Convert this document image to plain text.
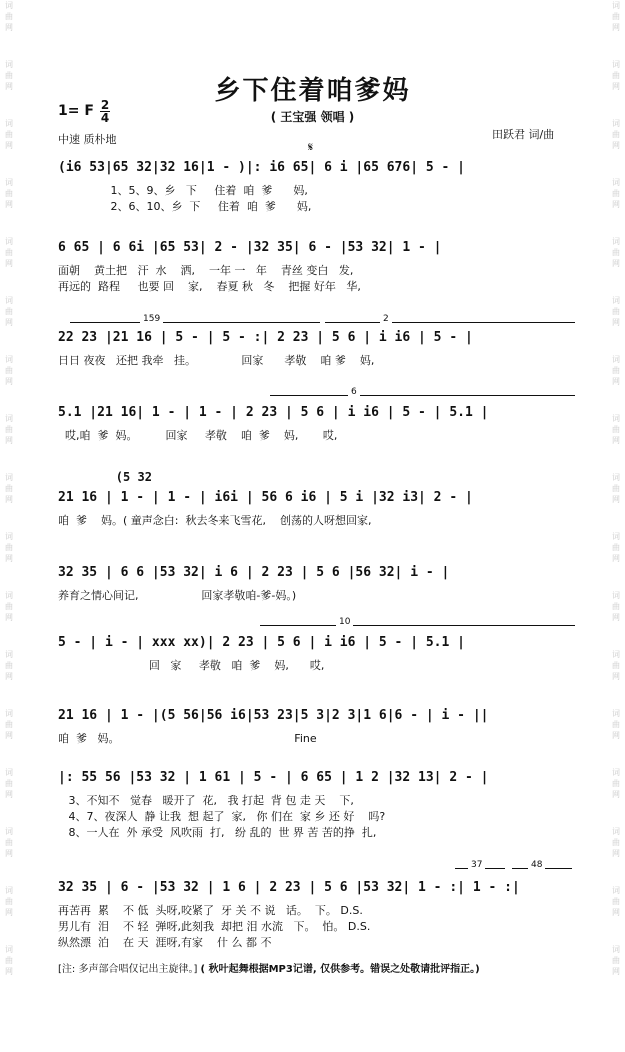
词
曲
网
词
曲
网
词
曲
网
词
曲
网
词
曲
网
词
曲
网
词
曲
网
词
曲
网
词
曲
网
词
曲
网
词
曲
网
词
曲
网
词
曲
网
词
曲
网
词
曲
网
词
曲
网
词
曲
网
词
曲
网
词
曲
网
词
曲
网
词
曲
网
词
曲
网
词
曲
网
词
曲
网
词
曲
网
词
曲
网
词
曲
网
词
曲
网
词
曲
网
词
曲
网
词
曲
网
词
曲
网
词
曲
网
词
曲
网
乡下住着咱爹妈
( 王宝强 领唱 )
1= F 2
4
中速 质朴地	田跃君 词/曲
𝄋
(i6 53|65 32|32 16|1 - )|: i6 65| 6 i |65 676| 5 - |
1、5、9、乡   下     住着  咱  爹      妈,
2、6、10、乡  下     住着  咱  爹      妈,
6 65 | 6 6i |65 53| 2 - |32 35| 6 - |53 32| 1 - |
面朝    黄土把   汗  水    洒,    一年 一   年    青丝 变白   发,
再远的  路程     也要 回    家,    春夏 秋   冬    把握 好年   华,
22 23 |21 16 | 5 - | 5 - :| 2 23 | 5 6 | i i6 | 5 - |
日日 夜夜   还把 我牵   挂。             回家      孝敬    咱 爹    妈,
5.1 |21 16| 1 - | 1 - | 2 23 | 5 6 | i i6 | 5 - | 5.1 |
哎,咱  爹  妈。        回家     孝敬    咱  爹    妈,       哎,
21 16 | 1 - | 1 - | i6i | 56 6 i6 | 5 i |32 i3| 2 - |
(5 32
咱  爹    妈。( 童声念白:  秋去冬来飞雪花,    创荡的人呀想回家,
32 35 | 6 6 |53 32| i 6 | 2 23 | 5 6 |56 32| i - |
养育之情心间记,                  回家孝敬咱-爹-妈。)
5 - | i - | xxx xx)| 2 23 | 5 6 | i i6 | 5 - | 5.1 |
回   家     孝敬   咱  爹    妈,      哎,
21 16 | 1 - |(5 56|56 i6|53 23|5 3|2 3|1 6|6 - | i - ||
咱  爹   妈。                                                  Fine
|: 55 56 |53 32 | 1 61 | 5 - | 6 65 | 1 2 |32 13| 2 - |
3、不知不   觉春   暖开了  花,   我 打起  背 包 走 天    下,
4、7、夜深人  静 让我  想 起了  家,   你 们在  家 乡 还 好    吗?
8、一人在  外 承受  风吹雨  打,   纷 乱的  世 界 苦 苦的挣  扎,
32 35 | 6 - |53 32 | 1 6 | 2 23 | 5 6 |53 32| 1 - :| 1 - :|
再苦再  累    不 低  头呀,咬紧了  牙 关 不 说   话。  下。 D.S.
男儿有  泪    不 轻  弹呀,此刻我  却把 泪 水流   下。  怕。 D.S.
纵然漂  泊    在 天  涯呀,有家    什 么 都 不
159	2
6
10
37	48
[注: 多声部合唱仅记出主旋律。] ( 秋叶起舞根据MP3记谱, 仅供参考。错误之处敬请批评指正。)
